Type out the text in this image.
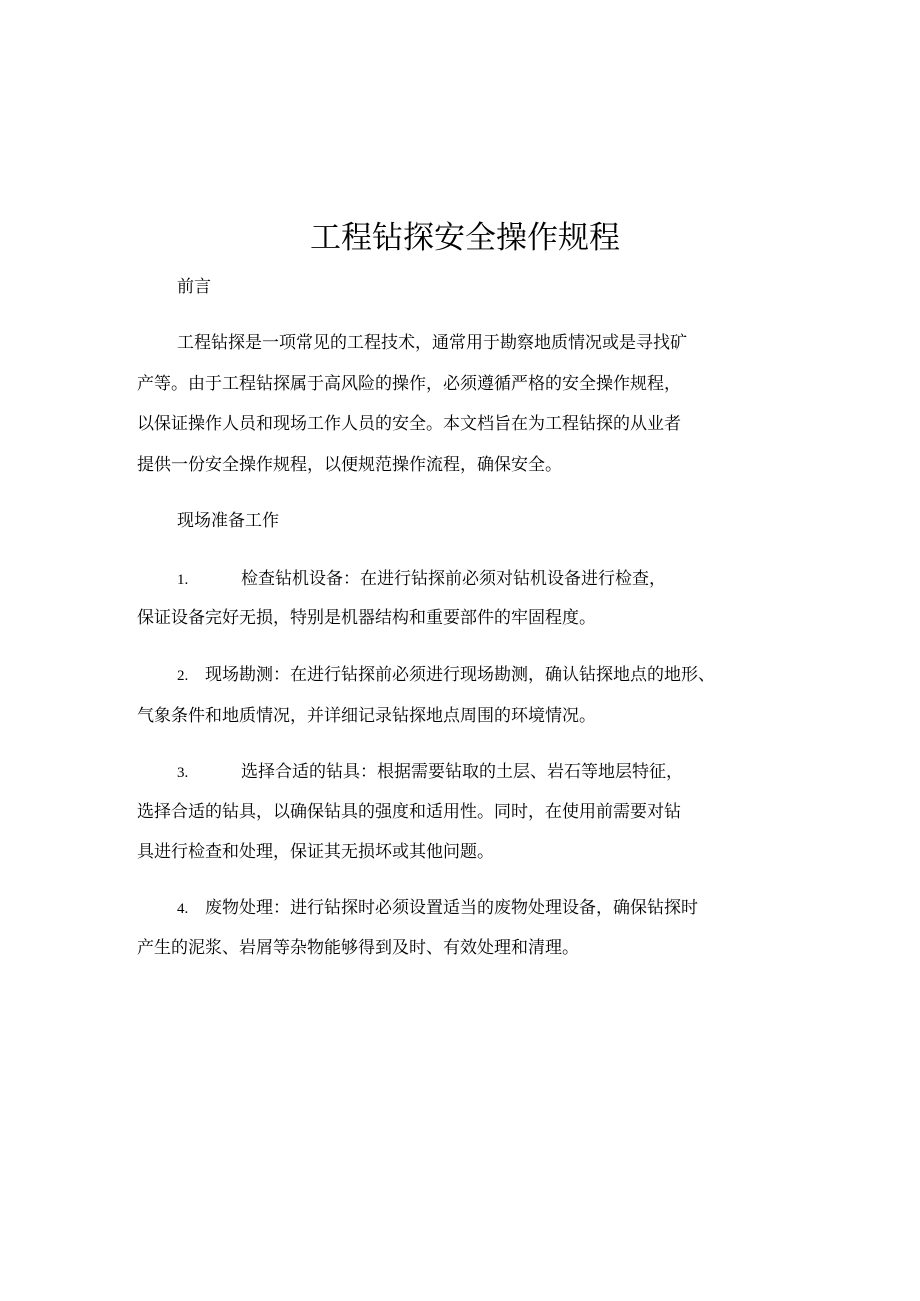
工程钻探安全操作规程
前言
工程钻探是一项常见的工程技术，通常用于勘察地质情况或是寻找矿
产等。由于工程钻探属于高风险的操作，必须遵循严格的安全操作规程，
以保证操作人员和现场工作人员的安全。本文档旨在为工程钻探的从业者
提供一份安全操作规程，以便规范操作流程，确保安全。
现场准备工作
1.	检查钻机设备：在进行钻探前必须对钻机设备进行检查，
保证设备完好无损，特别是机器结构和重要部件的牢固程度。
2. 现场勘测：在进行钻探前必须进行现场勘测，确认钻探地点的地形、
气象条件和地质情况，并详细记录钻探地点周围的环境情况。
3.	选择合适的钻具：根据需要钻取的土层、岩石等地层特征，
选择合适的钻具，以确保钻具的强度和适用性。同时，在使用前需要对钻
具进行检查和处理，保证其无损坏或其他问题。
4. 废物处理：进行钻探时必须设置适当的废物处理设备，确保钻探时
产生的泥浆、岩屑等杂物能够得到及时、有效处理和清理。
